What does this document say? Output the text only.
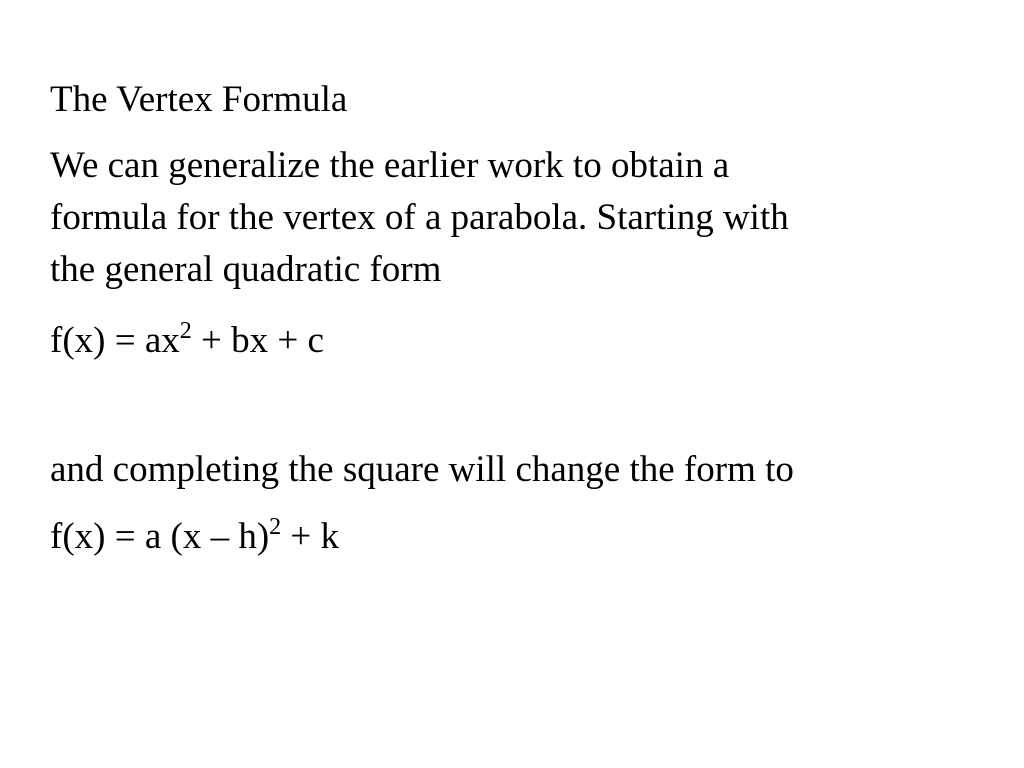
The Vertex Formula

We can generalize the earlier work to obtain a
formula for the vertex of a parabola. Starting with
the general quadratic form

$f(x) = ax^2$ + bx + c

and completing the square will change the form to

f(x) = a (x – h)$^2$ + k
